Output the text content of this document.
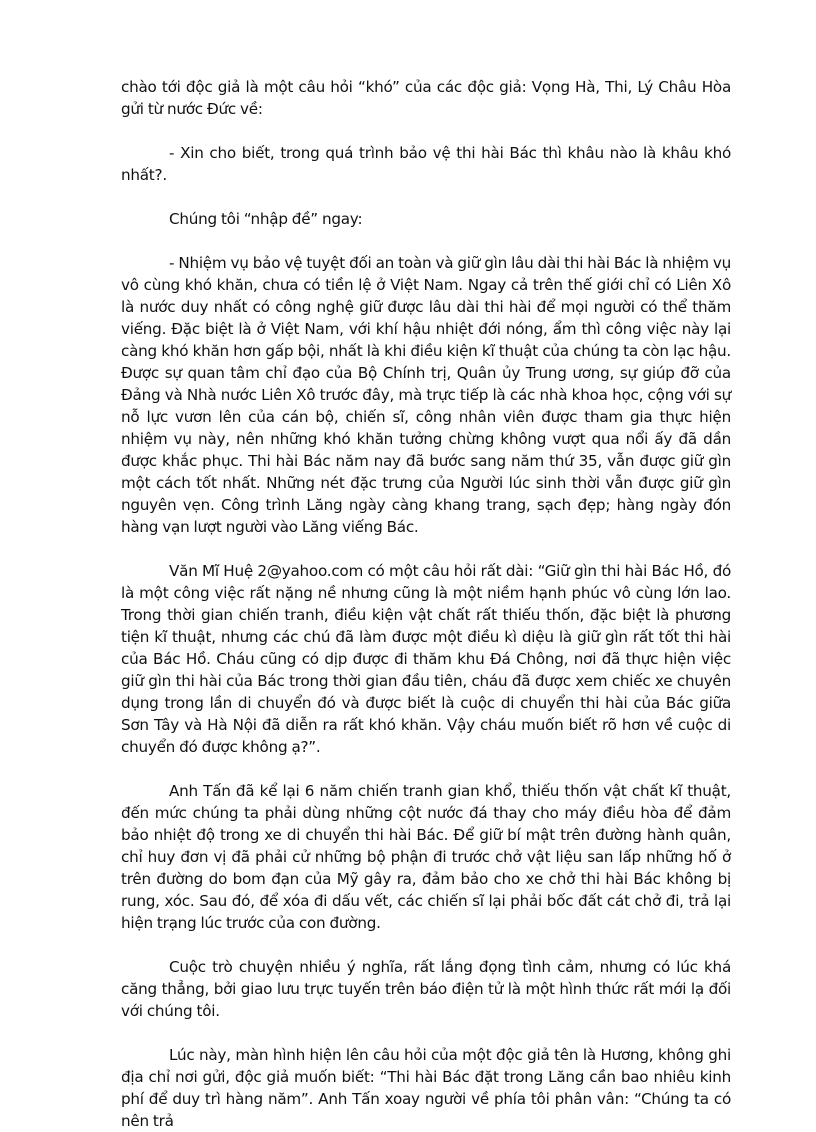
chào tới độc giả là một câu hỏi “khó” của các độc giả: Vọng Hà, Thi, Lý Châu Hòa gửi từ nước Đức về:

- Xin cho biết, trong quá trình bảo vệ thi hài Bác thì khâu nào là khâu khó nhất?.

Chúng tôi “nhập đề” ngay:

- Nhiệm vụ bảo vệ tuyệt đối an toàn và giữ gìn lâu dài thi hài Bác là nhiệm vụ vô cùng khó khăn, chưa có tiền lệ ở Việt Nam. Ngay cả trên thế giới chỉ có Liên Xô là nước duy nhất có công nghệ giữ được lâu dài thi hài để mọi người có thể thăm viếng. Đặc biệt là ở Việt Nam, với khí hậu nhiệt đới nóng, ẩm thì công việc này lại càng khó khăn hơn gấp bội, nhất là khi điều kiện kĩ thuật của chúng ta còn lạc hậu. Được sự quan tâm chỉ đạo của Bộ Chính trị, Quân ủy Trung ương, sự giúp đỡ của Đảng và Nhà nước Liên Xô trước đây, mà trực tiếp là các nhà khoa học, cộng với sự nỗ lực vươn lên của cán bộ, chiến sĩ, công nhân viên được tham gia thực hiện nhiệm vụ này, nên những khó khăn tưởng chừng không vượt qua nổi ấy đã dần được khắc phục. Thi hài Bác năm nay đã bước sang năm thứ 35, vẫn được giữ gìn một cách tốt nhất. Những nét đặc trưng của Người lúc sinh thời vẫn được giữ gìn nguyên vẹn. Công trình Lăng ngày càng khang trang, sạch đẹp; hàng ngày đón hàng vạn lượt người vào Lăng viếng Bác.

Văn Mĩ Huệ 2@yahoo.com có một câu hỏi rất dài: “Giữ gìn thi hài Bác Hồ, đó là một công việc rất nặng nề nhưng cũng là một niềm hạnh phúc vô cùng lớn lao. Trong thời gian chiến tranh, điều kiện vật chất rất thiếu thốn, đặc biệt là phương tiện kĩ thuật, nhưng các chú đã làm được một điều kì diệu là giữ gìn rất tốt thi hài của Bác Hồ. Cháu cũng có dịp được đi thăm khu Đá Chông, nơi đã thực hiện việc giữ gìn thi hài của Bác trong thời gian đầu tiên, cháu đã được xem chiếc xe chuyên dụng trong lần di chuyển đó và được biết là cuộc di chuyển thi hài của Bác giữa Sơn Tây và Hà Nội đã diễn ra rất khó khăn. Vậy cháu muốn biết rõ hơn về cuộc di chuyển đó được không ạ?”.

Anh Tấn đã kể lại 6 năm chiến tranh gian khổ, thiếu thốn vật chất kĩ thuật, đến mức chúng ta phải dùng những cột nước đá thay cho máy điều hòa để đảm bảo nhiệt độ trong xe di chuyển thi hài Bác. Để giữ bí mật trên đường hành quân, chỉ huy đơn vị đã phải cử những bộ phận đi trước chở vật liệu san lấp những hố ở trên đường do bom đạn của Mỹ gây ra, đảm bảo cho xe chở thi hài Bác không bị rung, xóc. Sau đó, để xóa đi dấu vết, các chiến sĩ lại phải bốc đất cát chở đi, trả lại hiện trạng lúc trước của con đường.

Cuộc trò chuyện nhiều ý nghĩa, rất lắng đọng tình cảm, nhưng có lúc khá căng thẳng, bởi giao lưu trực tuyến trên báo điện tử là một hình thức rất mới lạ đối với chúng tôi.

Lúc này, màn hình hiện lên câu hỏi của một độc giả tên là Hương, không ghi địa chỉ nơi gửi, độc giả muốn biết: “Thi hài Bác đặt trong Lăng cần bao nhiêu kinh phí để duy trì hàng năm”. Anh Tấn xoay người về phía tôi phân vân: “Chúng ta có nên trả
